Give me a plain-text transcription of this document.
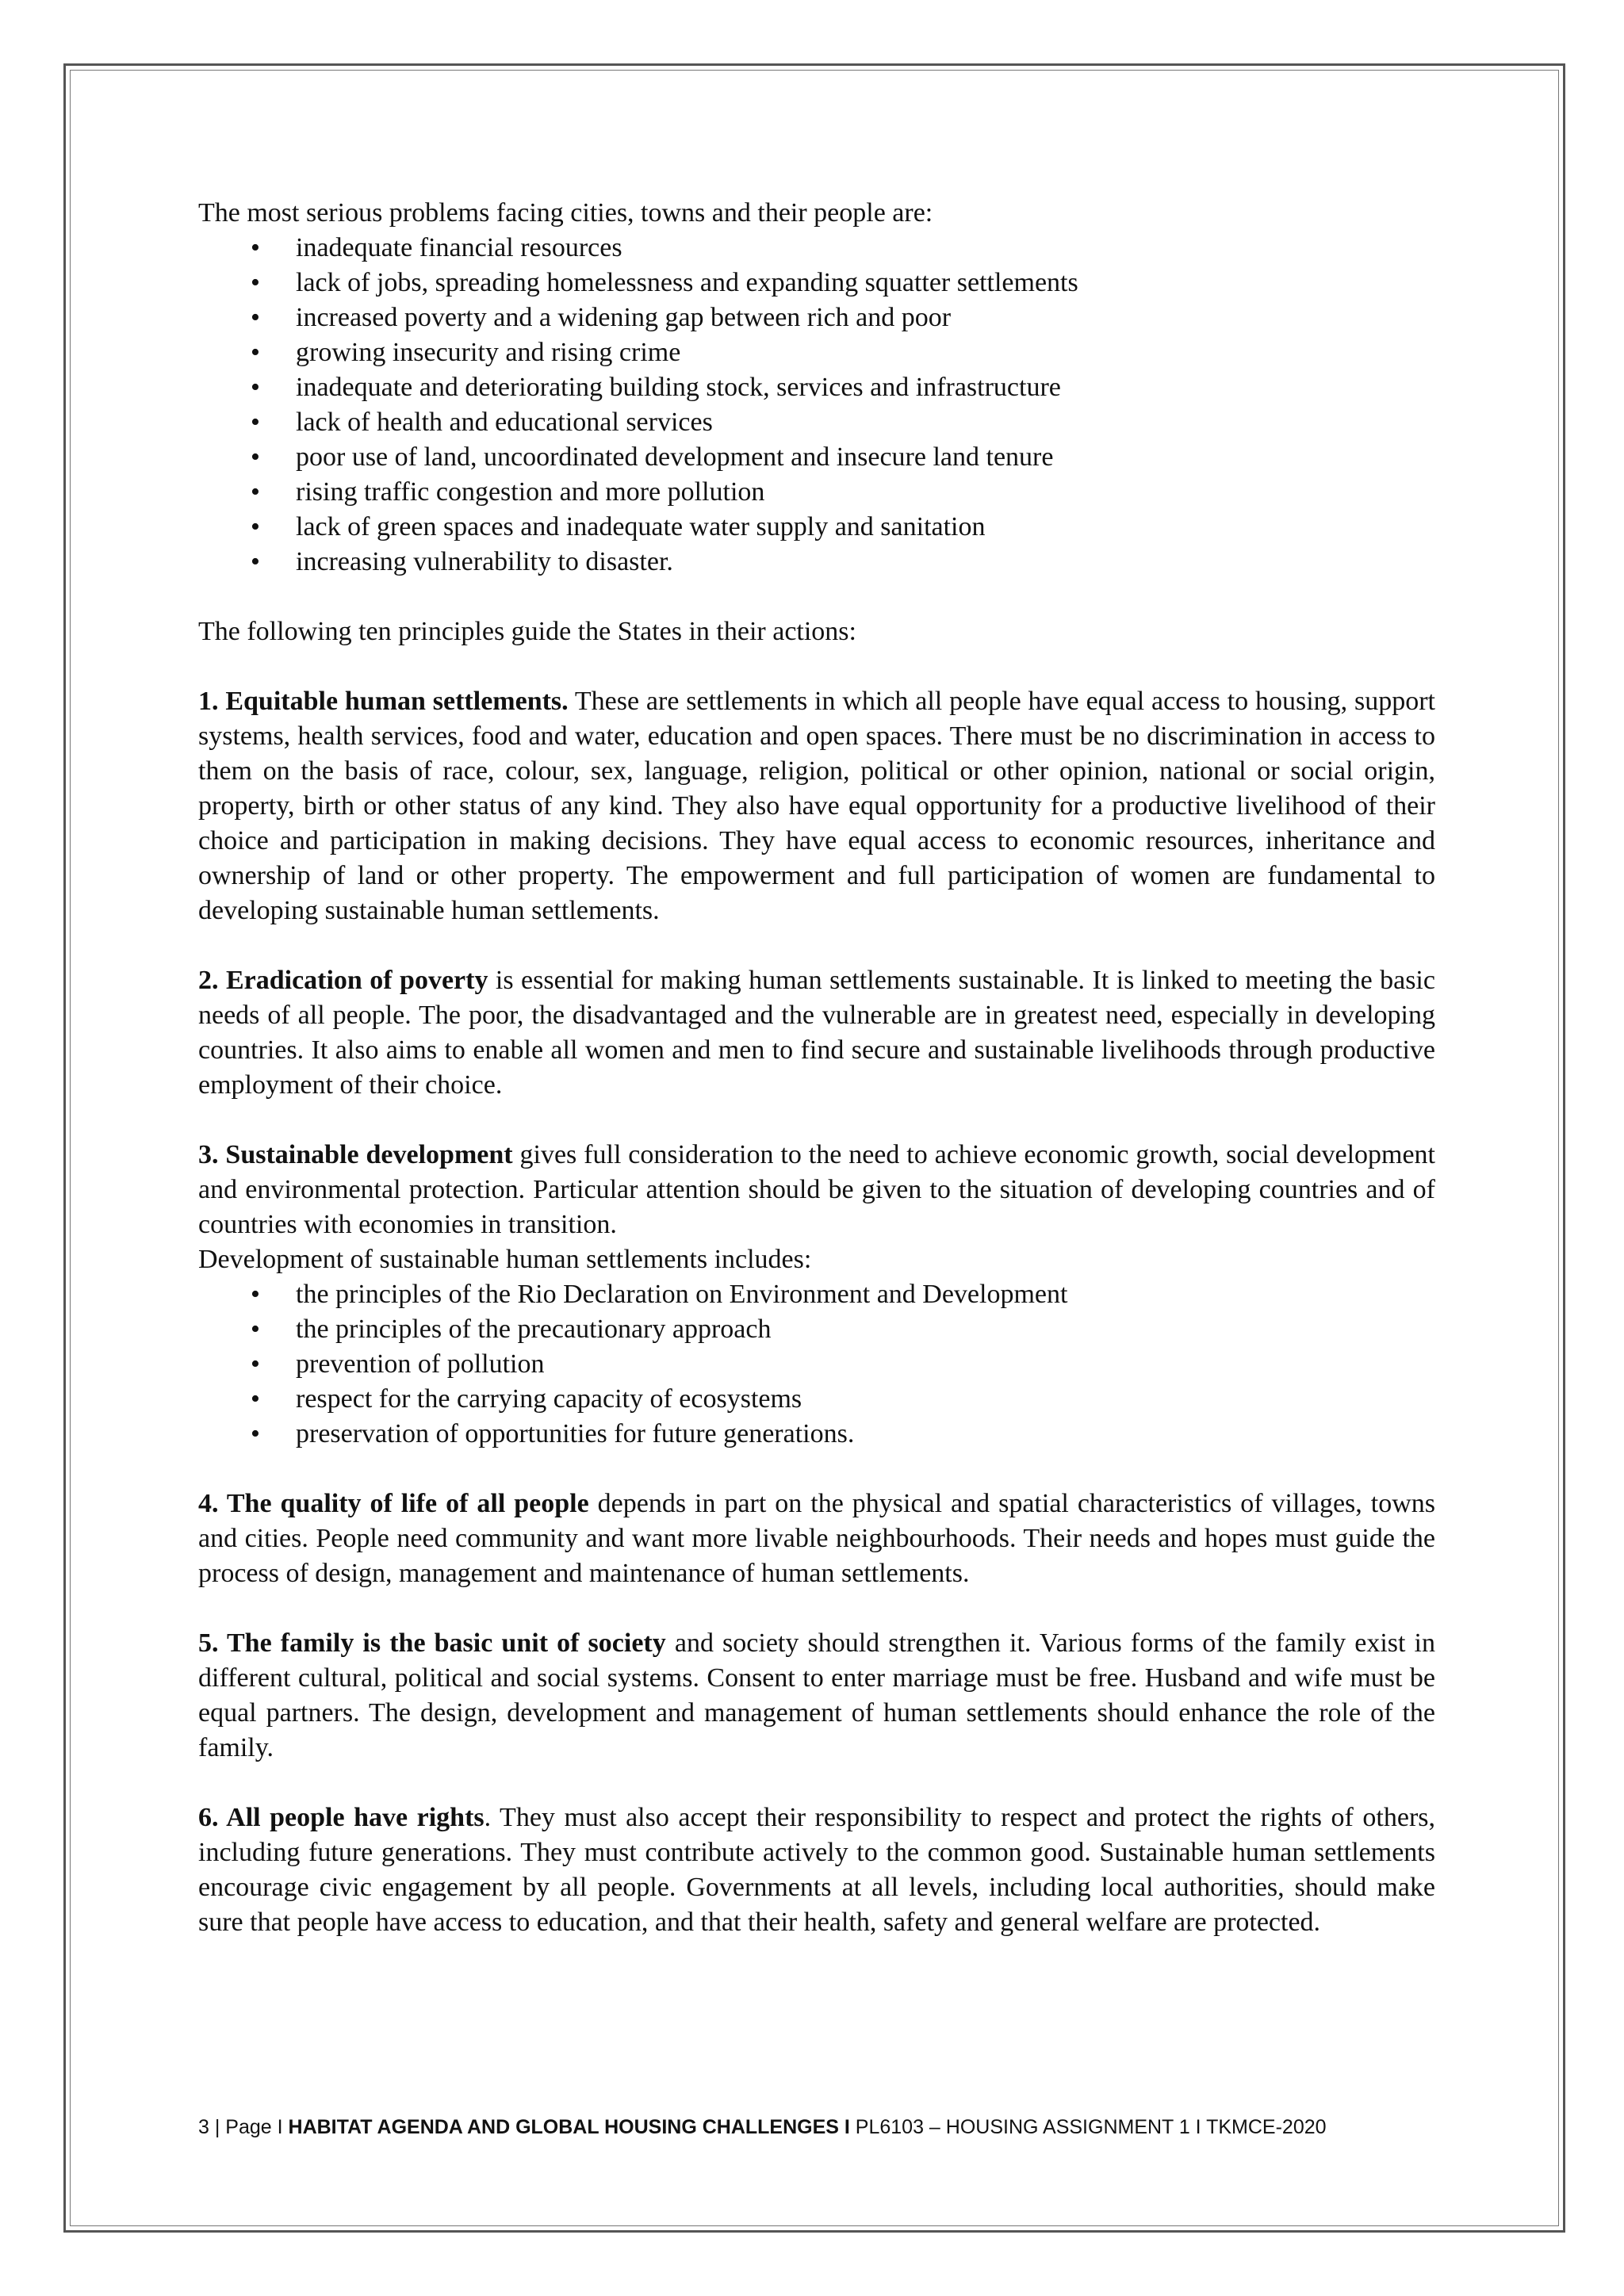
The most serious problems facing cities, towns and their people are:

• inadequate financial resources
• lack of jobs, spreading homelessness and expanding squatter settlements
• increased poverty and a widening gap between rich and poor
• growing insecurity and rising crime
• inadequate and deteriorating building stock, services and infrastructure
• lack of health and educational services
• poor use of land, uncoordinated development and insecure land tenure
• rising traffic congestion and more pollution
• lack of green spaces and inadequate water supply and sanitation
• increasing vulnerability to disaster.

The following ten principles guide the States in their actions:

1. Equitable human settlements. These are settlements in which all people have equal access to housing, support systems, health services, food and water, education and open spaces. There must be no discrimination in access to them on the basis of race, colour, sex, language, religion, political or other opinion, national or social origin, property, birth or other status of any kind. They also have equal opportunity for a productive livelihood of their choice and participation in making decisions. They have equal access to economic resources, inheritance and ownership of land or other property. The empowerment and full participation of women are fundamental to developing sustainable human settlements.

2. Eradication of poverty is essential for making human settlements sustainable. It is linked to meeting the basic needs of all people. The poor, the disadvantaged and the vulnerable are in greatest need, especially in developing countries. It also aims to enable all women and men to find secure and sustainable livelihoods through productive employment of their choice.

3. Sustainable development gives full consideration to the need to achieve economic growth, social development and environmental protection. Particular attention should be given to the situation of developing countries and of countries with economies in transition.

Development of sustainable human settlements includes:

• the principles of the Rio Declaration on Environment and Development
• the principles of the precautionary approach
• prevention of pollution
• respect for the carrying capacity of ecosystems
• preservation of opportunities for future generations.

4. The quality of life of all people depends in part on the physical and spatial characteristics of villages, towns and cities. People need community and want more livable neighbourhoods. Their needs and hopes must guide the process of design, management and maintenance of human settlements.

5. The family is the basic unit of society and society should strengthen it. Various forms of the family exist in different cultural, political and social systems. Consent to enter marriage must be free. Husband and wife must be equal partners. The design, development and management of human settlements should enhance the role of the family.

6. All people have rights. They must also accept their responsibility to respect and protect the rights of others, including future generations. They must contribute actively to the common good. Sustainable human settlements encourage civic engagement by all people. Governments at all levels, including local authorities, should make sure that people have access to education, and that their health, safety and general welfare are protected.

3 | Page I HABITAT AGENDA AND GLOBAL HOUSING CHALLENGES I PL6103 – HOUSING ASSIGNMENT 1 I TKMCE-2020
